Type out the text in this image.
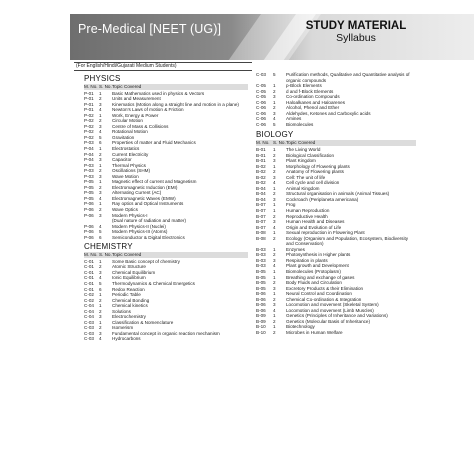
Pre-Medical [NEET (UG)]	STUDY MATERIAL
Syllabus
(For English/Hindi/Gujarati Medium Students)
PHYSICS
M. No. S. No. Topic Covered
P-01	1	Basic Mathematics used in physics & Vectors
P-01	2	Units and Measurement
P-01	3	Kinematics (Motion along a straight line and motion in a plane)
P-01	4	Newton's Laws of motion & Friction
P-02	1	Work, Energy & Power
P-02	2	Circular Motion
P-02	3	Centre of Mass & Collisions
P-02	4	Rotational Motion
P-02	5	Gravitation
P-03	6	Properties of matter and Fluid Mechanics
P-04	1	Electrostatics
P-04	2	Current Electricity
P-04	3	Capacitor
P-03	1	Thermal Physics
P-03	2	Oscillations (SHM)
P-03	3	Wave Motion
P-05	1	Magnetic effect of current and Magnetism
P-05	2	Electromagnetic Induction (EMI)
P-05	3	Alternating Current (AC)
P-05	4	Electromagnetic Waves (EMW)
P-06	1	Ray optics and Optical Instruments
P-06	2	Wave Optics
P-06	3	Modern Physics-I
(Dual nature of radiation and matter)
P-06	4	Modern Physics-II (Nuclei)
P-06	5	Modern Physics-III (Atoms)
P-06	6	Semiconductor & Digital Electronics
CHEMISTRY
M. No. S. No. Topic Covered
C-01	1	Some Basic concept of chemistry
C-01	2	Atomic Structure
C-01	3	Chemical Equilibrium
C-01	4	Ionic Equilibrium
C-01	5	Thermodynamics & Chemical Energetics
C-01	6	Redox Reaction
C-02	1	Periodic Table
C-02	2	Chemical Bonding
C-04	1	Chemical kinetics
C-04	2	Solutions
C-04	3	Electrochemistry
C-03	1	Classification & Nomenclature
C-03	2	Isomerism
C-03	3	Fundamental concept in organic reaction mechanism
C-03	4	Hydrocarbons
C-03	5	Purification methods, Qualitative and Quantitative analysis of organic compounds
C-05	1	p-Block Elements
C-05	2	d and f-Block Elements
C-05	3	Co-ordination Compounds
C-06	1	Haloalkanes and Haloarenes
C-06	2	Alcohol, Phenol and Ether
C-06	3	Aldehydes, Ketones and Carboxylic acids
C-06	4	Amines
C-06	5	Biomolecules
BIOLOGY
M. No. S. No. Topic Covered
B-01	1	The Living World
B-01	2	Biological Classification
B-01	3	Plant Kingdom
B-02	1	Morphology of Flowering plants
B-02	2	Anatomy of Flowering plants
B-02	3	Cell: The unit of life
B-02	4	Cell cycle and cell division
B-04	1	Animal Kingdom
B-04	2	Structural organisation in animals (Animal Tissues)
B-04	3	Cockroach (Periplaneta americana)
B-07	1	Frog
B-07	1	Human Reproduction
B-07	2	Reproductive Health
B-07	3	Human Health and Diseases
B-07	4	Origin and Evolution of Life
B-08	1	Sexual reproduction in Flowering Plant
B-08	2	Ecology (Organism and Population, Ecosystem, Biodiversity and Conservation)
B-03	1	Enzymes
B-03	2	Photosynthesis in Higher plants
B-03	3	Respiration in plants
B-03	4	Plant growth and Development
B-05	1	Biomolecules (Protoplasm)
B-05	1	Breathing and exchange of gases
B-05	2	Body Fluids and Circulation
B-05	3	Excretory Products & their Elimination
B-06	1	Neural Control and Coordination
B-06	2	Chemical Co-ordination & Integration
B-06	3	Locomotion and movement (Skeletal System)
B-06	4	Locomotion and movement (Limb Muscles)
B-09	1	Genetics (Principles of Inheritance and Variations)
B-09	2	Genetics (Molecular Basis of Inheritance)
B-10	1	Biotechnology
B-10	2	Microbes in Human Welfare
